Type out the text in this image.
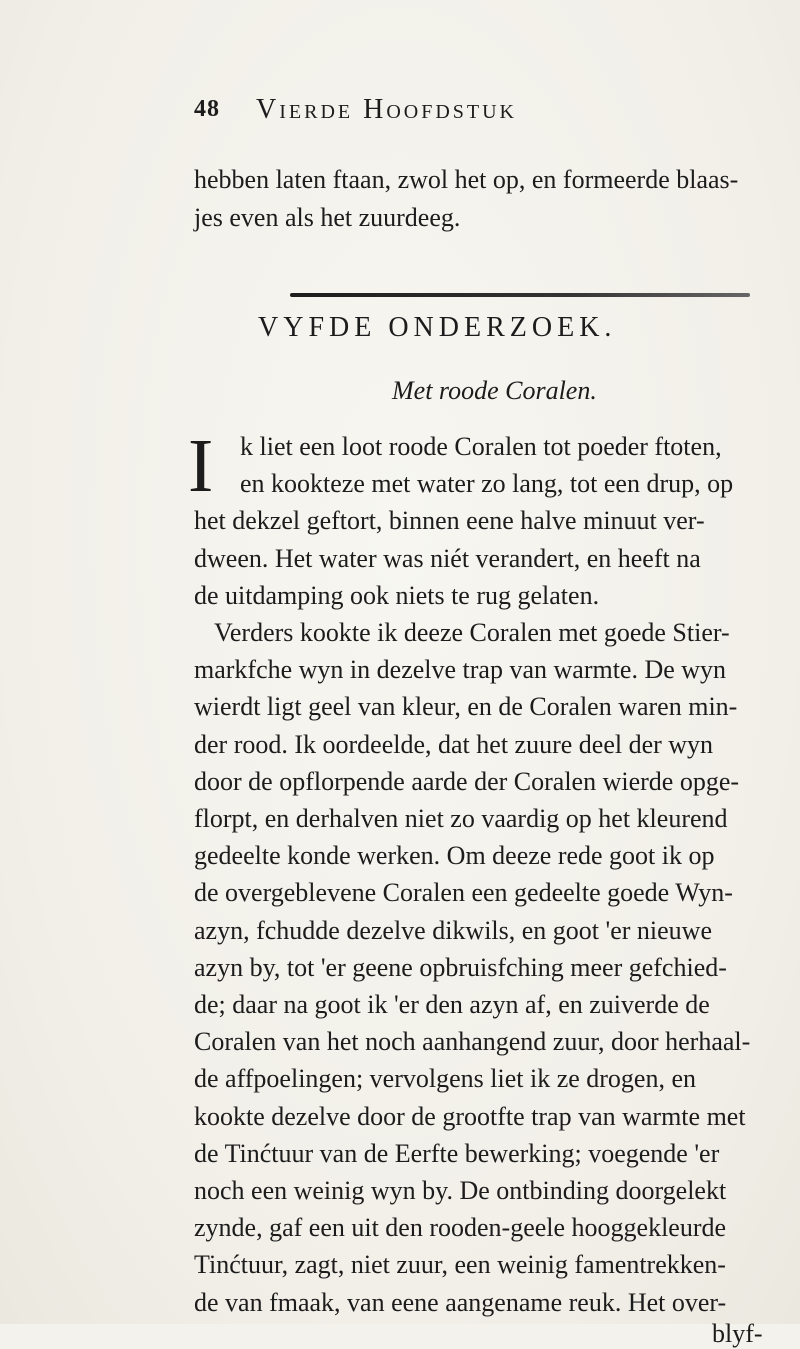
48 Vierde Hoofdstuk
hebben laten ftaan, zwol het op, en formeerde blaas-
jes even als het zuurdeeg.
VYFDE ONDERZOEK.
Met roode Coralen.
I k liet een loot roode Coralen tot poeder ftoten,
en kookteze met water zo lang, tot een drup, op
het dekzel geftort, binnen eene halve minuut ver-
dween. Het water was niét verandert, en heeft na
de uitdamping ook niets te rug gelaten.
Verders kookte ik deeze Coralen met goede Stier-
markfche wyn in dezelve trap van warmte. De wyn
wierdt ligt geel van kleur, en de Coralen waren min-
der rood. Ik oordeelde, dat het zuure deel der wyn
door de opflorpende aarde der Coralen wierde opge-
florpt, en derhalven niet zo vaardig op het kleurend
gedeelte konde werken. Om deeze rede goot ik op
de overgeblevene Coralen een gedeelte goede Wyn-
azyn, fchudde dezelve dikwils, en goot 'er nieuwe
azyn by, tot 'er geene opbruisfching meer gefchied-
de; daar na goot ik 'er den azyn af, en zuiverde de
Coralen van het noch aanhangend zuur, door herhaal-
de affpoelingen; vervolgens liet ik ze drogen, en
kookte dezelve door de grootfte trap van warmte met
de Tinćtuur van de Eerfte bewerking; voegende 'er
noch een weinig wyn by. De ontbinding doorgelekt
zynde, gaf een uit den rooden-geele hooggekleurde
Tinćtuur, zagt, niet zuur, een weinig famentrekken-
de van fmaak, van eene aangename reuk. Het over-
blyf-
